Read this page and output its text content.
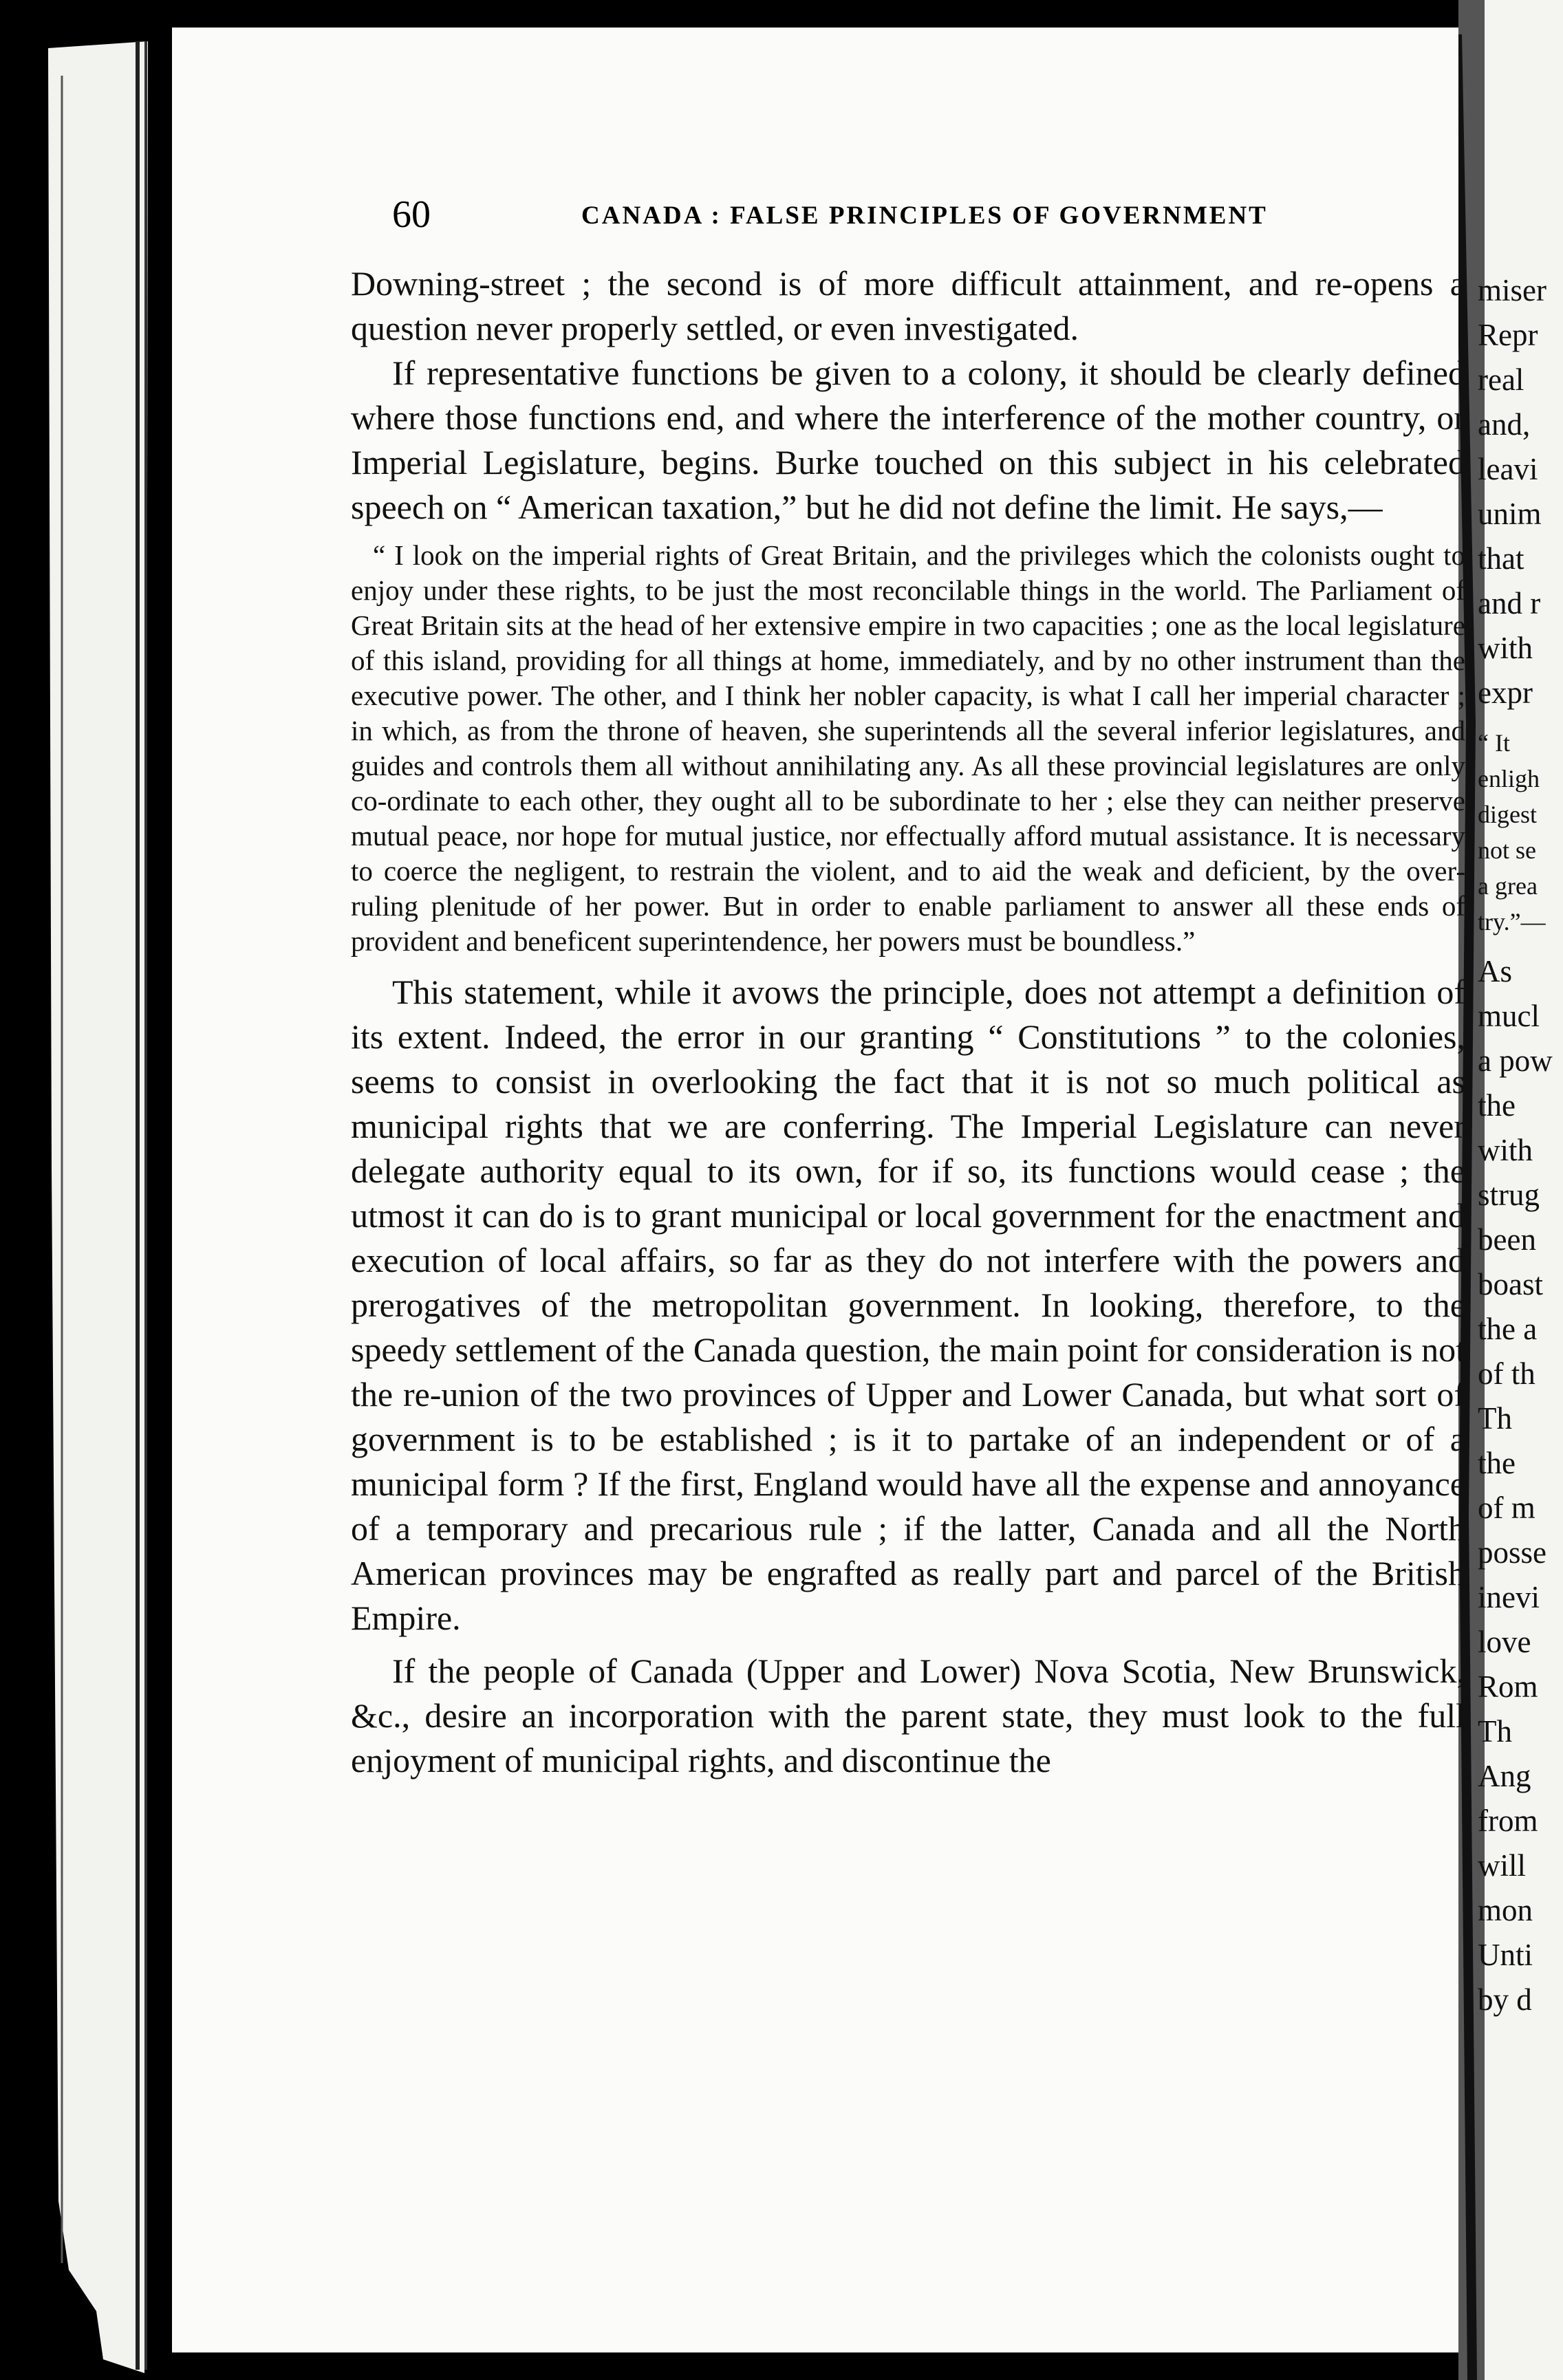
60	CANADA : FALSE PRINCIPLES OF GOVERNMENT

Downing-street ; the second is of more difficult attainment, and re-opens a question never properly settled, or even investigated.

If representative functions be given to a colony, it should be clearly defined where those functions end, and where the interference of the mother country, or Imperial Legislature, begins. Burke touched on this subject in his celebrated speech on “ American taxation,” but he did not define the limit. He says,—

“ I look on the imperial rights of Great Britain, and the privileges which the colonists ought to enjoy under these rights, to be just the most reconcilable things in the world. The Parliament of Great Britain sits at the head of her extensive empire in two capacities ; one as the local legislature of this island, providing for all things at home, immediately, and by no other instrument than the executive power. The other, and I think her nobler capacity, is what I call her imperial character ; in which, as from the throne of heaven, she superintends all the several inferior legislatures, and guides and controls them all without annihilating any. As all these provincial legislatures are only co-ordinate to each other, they ought all to be subordinate to her ; else they can neither preserve mutual peace, nor hope for mutual justice, nor effectually afford mutual assistance. It is necessary to coerce the negligent, to restrain the violent, and to aid the weak and deficient, by the over-ruling plenitude of her power. But in order to enable parliament to answer all these ends of provident and beneficent superintendence, her powers must be boundless.”

This statement, while it avows the principle, does not attempt a definition of its extent. Indeed, the error in our granting “ Constitutions ” to the colonies, seems to consist in overlooking the fact that it is not so much political as municipal rights that we are conferring. The Imperial Legislature can never delegate authority equal to its own, for if so, its functions would cease ; the utmost it can do is to grant municipal or local government for the enactment and execution of local affairs, so far as they do not interfere with the powers and prerogatives of the metropolitan government. In looking, therefore, to the speedy settlement of the Canada question, the main point for consideration is not the re-union of the two provinces of Upper and Lower Canada, but what sort of government is to be established ; is it to partake of an independent or of a municipal form ? If the first, England would have all the expense and annoyance of a temporary and precarious rule ; if the latter, Canada and all the North American provinces may be engrafted as really part and parcel of the British Empire.

If the people of Canada (Upper and Lower) Nova Scotia, New Brunswick, &c., desire an incorporation with the parent state, they must look to the full enjoyment of municipal rights, and discontinue the

miser
Repr
real
and,
leavi
unim
that
and r
with
expr
“ It
enligh
digest
not se
a grea
try.”—
As
mucl
a pow
the
with
strug
been
boast
the a
of th
Th
the
of m
posse
inevi
love
Rom
Th
Ang
from
will
mon
Unti
by d
